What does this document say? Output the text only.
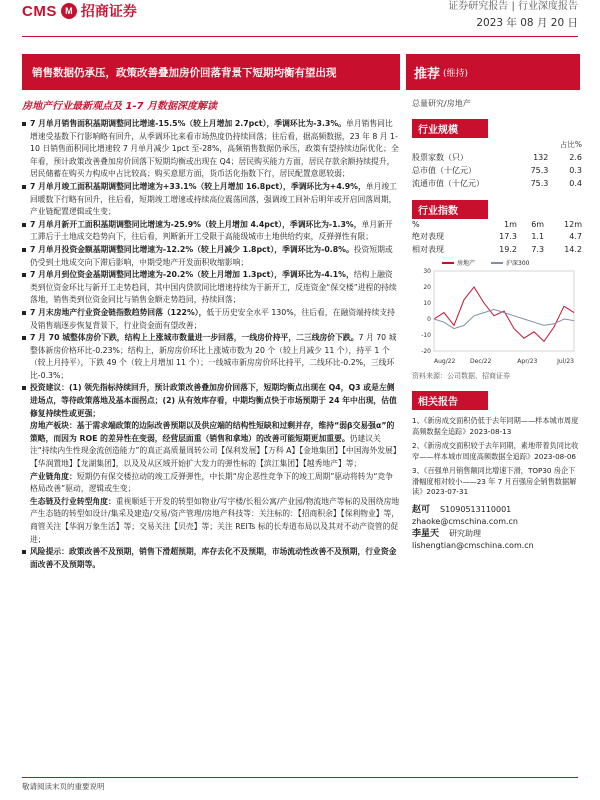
CMS M 招商证券	证券研究报告 | 行业深度报告
2023 年 08 月 20 日
销售数据仍承压，政策改善叠加房价回落背景下短期均衡有望出现	推荐 (维持)
房地产行业最新观点及 1-7 月数据深度解读
7 月单月销售面积基期调整同比增速-15.5%（较上月增加 2.7pct），季调环比为-3.3%。单月销售同比增速受基数下行影响略有回升，从季调环比来看市场热度仍持续回落；往后看，据高频数据，23 年 8 月 1-10 日销售面积同比增速较 7 月单月减少 1pct 至-28%，高频销售数据仍承压，政策有望持续边际优化；全年看，预计政策改善叠加房价回落下短期均衡或出现在 Q4；居民购买能力方面，居民存款余额持续提升，居民储蓄在购买力构成中占比较高；购买意愿方面，货币活化指数下行，居民配置意愿较弱；
7 月单月竣工面积基期调整同比增速为+33.1%（较上月增加 16.8pct），季调环比为+4.9%，单月竣工回暖数下行略有回升，往后看，短期竣工增速或持续高位震荡回落，强调竣工回补后明年或开启回落周期，产业链配置逻辑或生变；
7 月单月新开工面积基期调整同比增速为-25.9%（较上月增加 4.4pct），季调环比为-1.3%，单月新开工滞后于土地成交趋势向下，往后看，判断新开工受限于高能级城市土地供给约束，反弹弹性有限；
7 月单月投资金额基期调整同比增速为-12.2%（较上月减少 1.8pct），季调环比为-0.8%。投资短期或仍受到土地成交向下滞后影响，中期受地产开发面积收缩影响；
7 月单月到位资金基期调整同比增速为-20.2%（较上月增加 1.3pct），季调环比为-4.1%，结构上融资类到位资金环比与新开工走势趋同，其中国内贷款同比增速持续为于新开工，反连资金“保交楼”进程的持续落地，销售类到位资金同比与销售金额走势趋同，持续回落；
7 月末房地产行业资金链指数趋势回落（122%），低于历史安全水平 130%，往后看，在融资端持续支持及销售端逐步恢复背景下，行业资金面有望改善；
7 月 70 城整体房价下跌，结构上上涨城市数量进一步回落，一线房价持平，二三线房价下跌。7 月 70 城整体新房价格环比-0.23%；结构上，新房房价环比上涨城市数为 20 个（较上月减少 11 个），持平 1 个（较上月持平），下跌 49 个（较上月增加 11 个）；一线城市新房房价环比持平，二线环比-0.2%，三线环比-0.3%；
投资建议：(1) 领先指标持续回升，预计政策改善叠加房价回落下，短期均衡点出现在 Q4，Q3 或是左侧进场点，等待政策落地及基本面拐点；(2) 从有效库存看，中期均衡点快于市场预期于 24 年中出现，估值修复持续性或更强；
房地产板块：基于需求端政策的边际改善预期以及供应端的结构性短缺和过剩并存，维持“弱β交易强α”的策略，而因为 ROE 的差异性在变弱，经营层面重（销售和拿地）的改善可能短期更加重要。仍建议关注“持续内生性现金流创造能力”的真正高质量周转公司【保利发展】【万科 A】【金地集团】【中国海外发展】【华润置地】【龙湖集团】，以及及从区域开始扩大发力的弹性标的【滨江集团】【越秀地产】等；
产业链角度：短期仍有保交楼拉动的竣工反弹弹性，中长期“房企恶性竞争下的竣工周期”驱动将转为“竞争格局改善”驱动，逻辑或生变；
生态链及行业转型角度：重视顺延于开发的转型如物业/写字楼/长租公寓/产业园/物流地产等标的及围绕房地产生态链的转型如设计/集采及建造/交易/资产管理/房地产科技等：关注标的：【招商积余】【保利物业】等，商管关注【华润万象生活】等；交易关注【贝壳】等；关注 REITs 标的长寿道布局以及其对不动产资管的促进；
风险提示：政策改善不及预期，销售下滑超预期，库存去化不及预期，市场流动性改善不及预期，行业资金面改善不及预期等。
总量研究/房地产
行业规模
		占比%
股票家数（只）	132	2.6
总市值（十亿元）	75.3	0.3
流通市值（十亿元）	75.3	0.4
行业指数
%	1m	6m	12m
绝对表现	17.3	1.1	4.7
相对表现	19.2	7.3	14.2
房地产	沪深300
30
20
10
0
-10
-20
Aug/22 Dec/22	Apr/23	Jul/23
资料来源：公司数据、招商证券
相关报告
1、《新房成交面积仍低于去年同期——样本城市周度高频数据全追踪》2023-08-13
2、《新房成交面积较于去年同期，素地带着负同比收窄——样本城市周度高频数据全追踪》2023-08-06
3、《百强单月销售额同比增速下滑，TOP30 房企下滑幅度相对较小——23 年 7 月百强房企销售数据解读》2023-07-31
赵可 S1090513110001
zhaoke@cmschina.com.cn
李星天 研究助理
lishengtian@cmschina.com.cn
敬请阅读末页的重要说明
